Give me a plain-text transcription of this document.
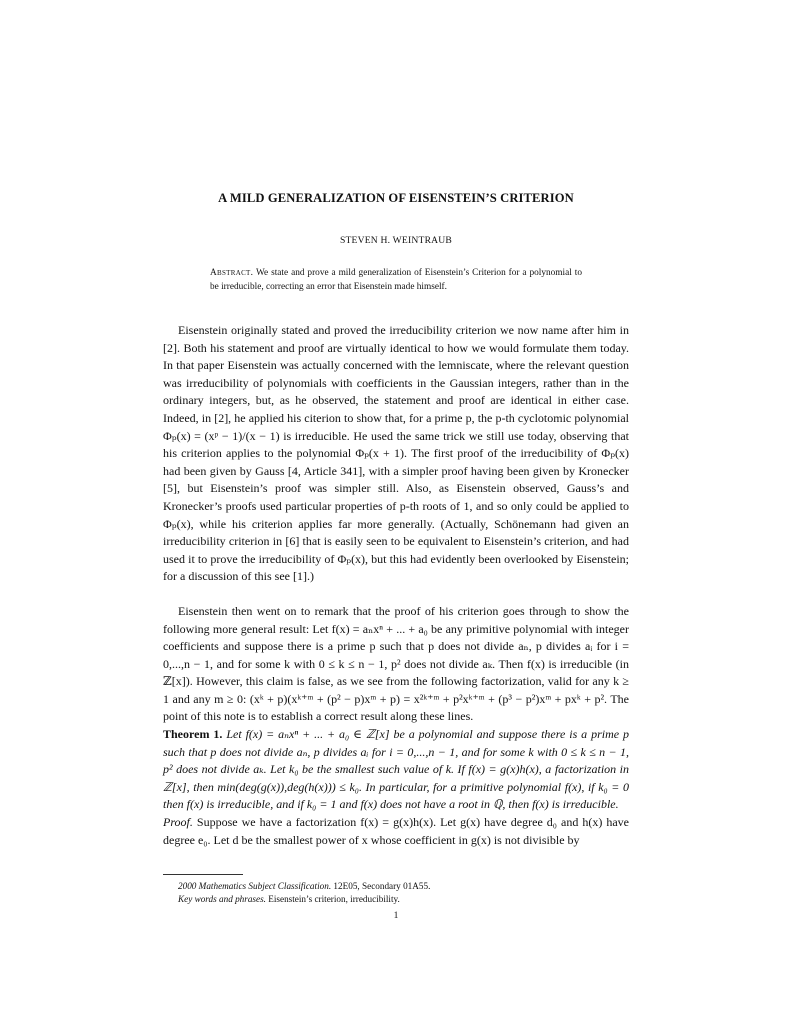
A MILD GENERALIZATION OF EISENSTEIN’S CRITERION
STEVEN H. WEINTRAUB
Abstract. We state and prove a mild generalization of Eisenstein’s Criterion for a polynomial to be irreducible, correcting an error that Eisenstein made himself.

Eisenstein originally stated and proved the irreducibility criterion we now name after him in [2]. Both his statement and proof are virtually identical to how we would formulate them today. In that paper Eisenstein was actually concerned with the lemniscate, where the relevant question was irreducibility of polynomials with coefficients in the Gaussian integers, rather than in the ordinary integers, but, as he observed, the statement and proof are identical in either case. Indeed, in [2], he applied his citerion to show that, for a prime p, the p-th cyclotomic polynomial Φₚ(x) = (xᵖ − 1)/(x − 1) is irreducible. He used the same trick we still use today, observing that his criterion applies to the polynomial Φₚ(x + 1). The first proof of the irreducibility of Φₚ(x) had been given by Gauss [4, Article 341], with a simpler proof having been given by Kronecker [5], but Eisenstein’s proof was simpler still. Also, as Eisenstein observed, Gauss’s and Kronecker’s proofs used particular properties of p-th roots of 1, and so only could be applied to Φₚ(x), while his criterion applies far more generally. (Actually, Schönemann had given an irreducibility criterion in [6] that is easily seen to be equivalent to Eisenstein’s criterion, and had used it to prove the irreducibility of Φₚ(x), but this had evidently been overlooked by Eisenstein; for a discussion of this see [1].)

Eisenstein then went on to remark that the proof of his criterion goes through to show the following more general result: Let f(x) = aₙxⁿ + ... + a₀ be any primitive polynomial with integer coefficients and suppose there is a prime p such that p does not divide aₙ, p divides aᵢ for i = 0,...,n − 1, and for some k with 0 ≤ k ≤ n − 1, p² does not divide aₖ. Then f(x) is irreducible (in ℤ[x]). However, this claim is false, as we see from the following factorization, valid for any k ≥ 1 and any m ≥ 0: (xᵏ + p)(xᵏ⁺ᵐ + (p² − p)xᵐ + p) = x²ᵏ⁺ᵐ + p²xᵏ⁺ᵐ + (p³ − p²)xᵐ + pxᵏ + p². The point of this note is to establish a correct result along these lines.

Theorem 1. Let f(x) = aₙxⁿ + ... + a₀ ∈ ℤ[x] be a polynomial and suppose there is a prime p such that p does not divide aₙ, p divides aᵢ for i = 0,...,n − 1, and for some k with 0 ≤ k ≤ n − 1, p² does not divide aₖ. Let k₀ be the smallest such value of k. If f(x) = g(x)h(x), a factorization in ℤ[x], then min(deg(g(x)),deg(h(x))) ≤ k₀. In particular, for a primitive polynomial f(x), if k₀ = 0 then f(x) is irreducible, and if k₀ = 1 and f(x) does not have a root in ℚ, then f(x) is irreducible.

Proof. Suppose we have a factorization f(x) = g(x)h(x). Let g(x) have degree d₀ and h(x) have degree e₀. Let d be the smallest power of x whose coefficient in g(x) is not divisible by

2000 Mathematics Subject Classification. 12E05, Secondary 01A55.
Key words and phrases. Eisenstein’s criterion, irreducibility.
1
